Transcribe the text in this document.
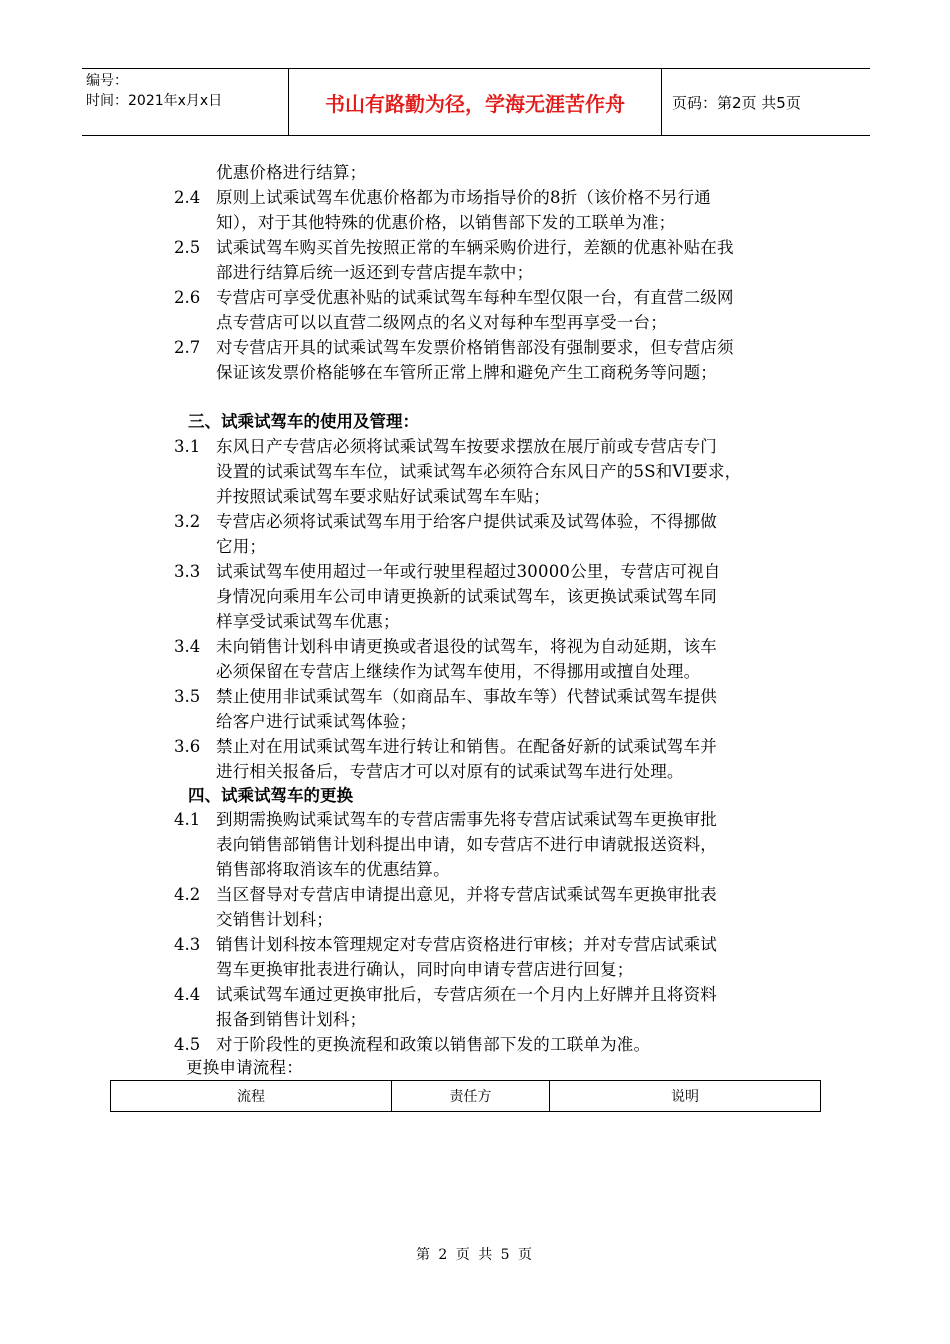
编号：
时间：2021年x月x日	书山有路勤为径，学海无涯苦作舟	页码：第2页 共5页
优惠价格进行结算；
2.4 原则上试乘试驾车优惠价格都为市场指导价的8折（该价格不另行通
知），对于其他特殊的优惠价格，以销售部下发的工联单为准；
2.5 试乘试驾车购买首先按照正常的车辆采购价进行，差额的优惠补贴在我
部进行结算后统一返还到专营店提车款中；
2.6 专营店可享受优惠补贴的试乘试驾车每种车型仅限一台，有直营二级网
点专营店可以以直营二级网点的名义对每种车型再享受一台；
2.7 对专营店开具的试乘试驾车发票价格销售部没有强制要求，但专营店须
保证该发票价格能够在车管所正常上牌和避免产生工商税务等问题；
三、试乘试驾车的使用及管理：
3.1 东风日产专营店必须将试乘试驾车按要求摆放在展厅前或专营店专门
设置的试乘试驾车车位，试乘试驾车必须符合东风日产的5S和VI要求，
并按照试乘试驾车要求贴好试乘试驾车车贴；
3.2 专营店必须将试乘试驾车用于给客户提供试乘及试驾体验，不得挪做
它用；
3.3 试乘试驾车使用超过一年或行驶里程超过30000公里，专营店可视自
身情况向乘用车公司申请更换新的试乘试驾车，该更换试乘试驾车同
样享受试乘试驾车优惠；
3.4 未向销售计划科申请更换或者退役的试驾车，将视为自动延期，该车
必须保留在专营店上继续作为试驾车使用，不得挪用或擅自处理。
3.5 禁止使用非试乘试驾车（如商品车、事故车等）代替试乘试驾车提供
给客户进行试乘试驾体验；
3.6 禁止对在用试乘试驾车进行转让和销售。在配备好新的试乘试驾车并
进行相关报备后，专营店才可以对原有的试乘试驾车进行处理。
四、试乘试驾车的更换
4.1 到期需换购试乘试驾车的专营店需事先将专营店试乘试驾车更换审批
表向销售部销售计划科提出申请，如专营店不进行申请就报送资料，
销售部将取消该车的优惠结算。
4.2 当区督导对专营店申请提出意见，并将专营店试乘试驾车更换审批表
交销售计划科；
4.3 销售计划科按本管理规定对专营店资格进行审核；并对专营店试乘试
驾车更换审批表进行确认，同时向申请专营店进行回复；
4.4 试乘试驾车通过更换审批后，专营店须在一个月内上好牌并且将资料
报备到销售计划科；
4.5 对于阶段性的更换流程和政策以销售部下发的工联单为准。
更换申请流程：
流程	责任方	说明
第 2 页 共 5 页
